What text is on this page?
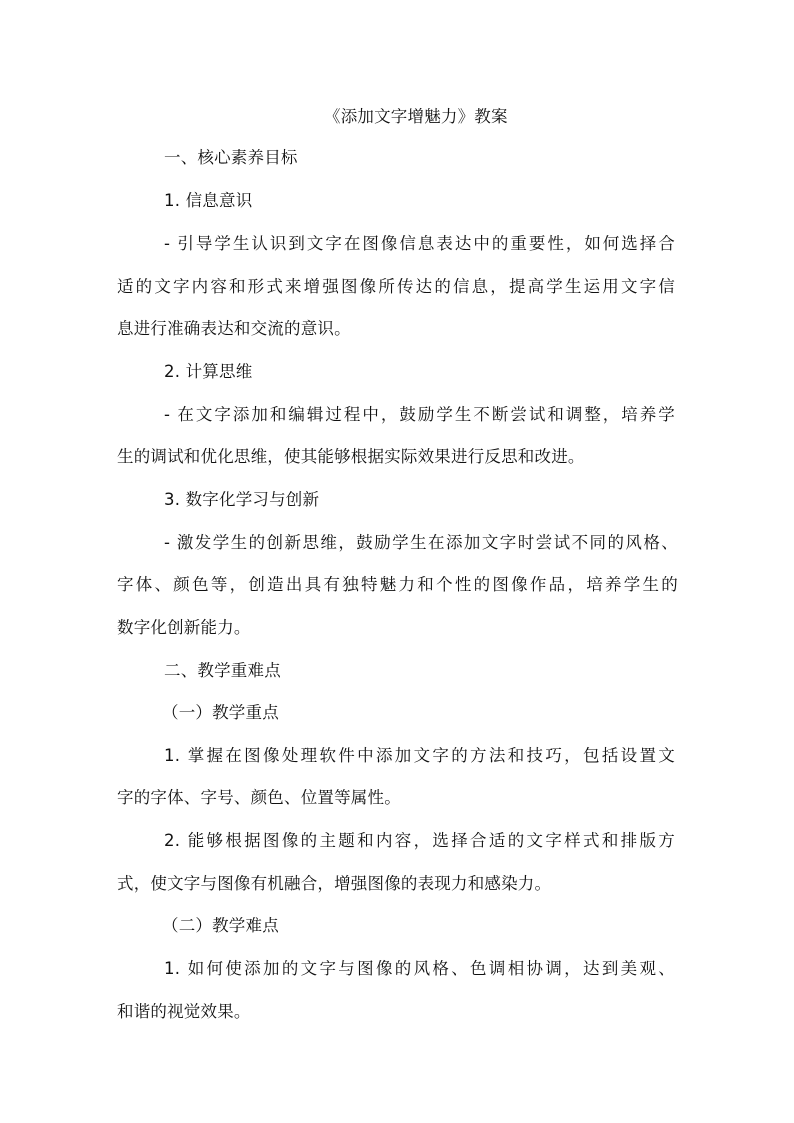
《添加文字增魅力》教案
一、核心素养目标
1. 信息意识
- 引导学生认识到文字在图像信息表达中的重要性，如何选择合
适的文字内容和形式来增强图像所传达的信息，提高学生运用文字信
息进行准确表达和交流的意识。
2. 计算思维
- 在文字添加和编辑过程中，鼓励学生不断尝试和调整，培养学
生的调试和优化思维，使其能够根据实际效果进行反思和改进。
3. 数字化学习与创新
- 激发学生的创新思维，鼓励学生在添加文字时尝试不同的风格、
字体、颜色等，创造出具有独特魅力和个性的图像作品，培养学生的
数字化创新能力。
二、教学重难点
（一）教学重点
1. 掌握在图像处理软件中添加文字的方法和技巧，包括设置文
字的字体、字号、颜色、位置等属性。
2. 能够根据图像的主题和内容，选择合适的文字样式和排版方
式，使文字与图像有机融合，增强图像的表现力和感染力。
（二）教学难点
1. 如何使添加的文字与图像的风格、色调相协调，达到美观、
和谐的视觉效果。
